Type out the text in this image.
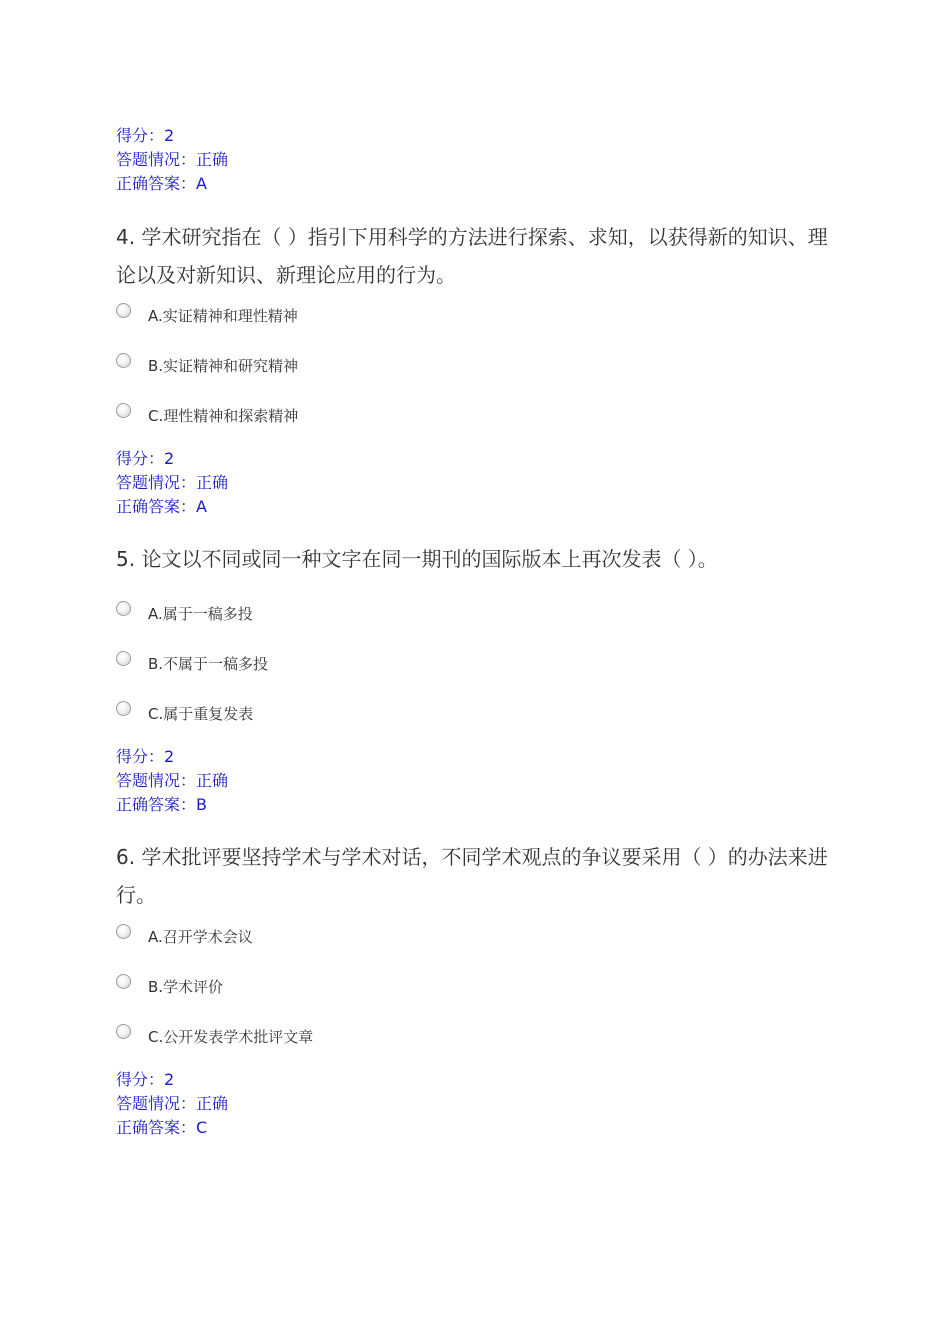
得分：2
答题情况：正确
正确答案：A
4. 学术研究指在（ ）指引下用科学的方法进行探索、求知，以获得新的知识、理论以及对新知识、新理论应用的行为。
A.实证精神和理性精神
B.实证精神和研究精神
C.理性精神和探索精神
得分：2
答题情况：正确
正确答案：A
5. 论文以不同或同一种文字在同一期刊的国际版本上再次发表（ ）。
A.属于一稿多投
B.不属于一稿多投
C.属于重复发表
得分：2
答题情况：正确
正确答案：B
6. 学术批评要坚持学术与学术对话，不同学术观点的争议要采用（ ）的办法来进行。
A.召开学术会议
B.学术评价
C.公开发表学术批评文章
得分：2
答题情况：正确
正确答案：C
